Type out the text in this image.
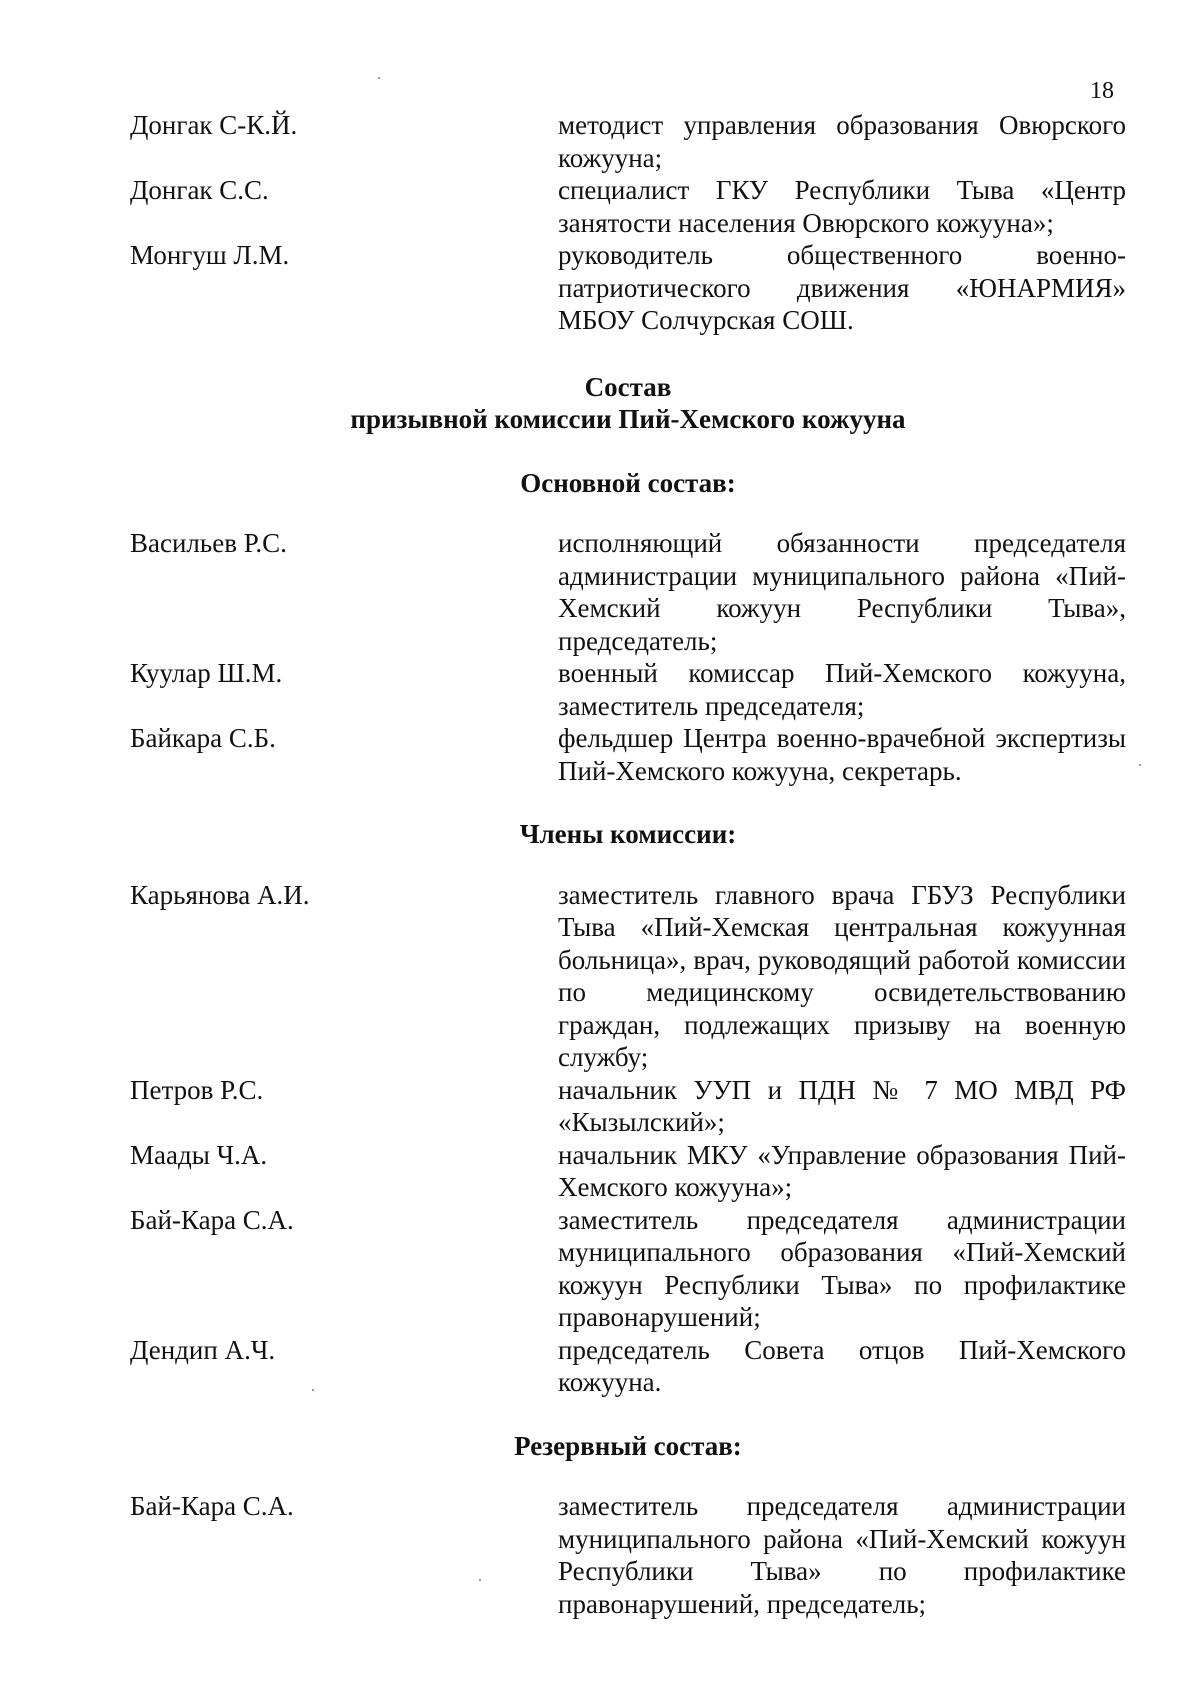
18
Донгак С-К.Й.	методист управления образования Овюрского кожууна;
Донгак С.С.	специалист ГКУ Республики Тыва «Центр занятости населения Овюрского кожууна»;
Монгуш Л.М.	руководитель общественного военно-патриотического движения «ЮНАРМИЯ» МБОУ Солчурская СОШ.
Состав
призывной комиссии Пий-Хемского кожууна
Основной состав:
Васильев Р.С.	исполняющий обязанности председателя администрации муниципального района «Пий-Хемский кожуун Республики Тыва», председатель;
Куулар Ш.М.	военный комиссар Пий-Хемского кожууна, заместитель председателя;
Байкара С.Б.	фельдшер Центра военно-врачебной экспертизы Пий-Хемского кожууна, секретарь.
Члены комиссии:
Карьянова А.И.	заместитель главного врача ГБУЗ Республики Тыва «Пий-Хемская центральная кожуунная больница», врач, руководящий работой комиссии по медицинскому освидетельствованию граждан, подлежащих призыву на военную службу;
Петров Р.С.	начальник УУП и ПДН № 7 МО МВД РФ «Кызылский»;
Маады Ч.А.	начальник МКУ «Управление образования Пий-Хемского кожууна»;
Бай-Кара С.А.	заместитель председателя администрации муниципального образования «Пий-Хемский кожуун Республики Тыва» по профилактике правонарушений;
Дендип А.Ч.	председатель Совета отцов Пий-Хемского кожууна.
Резервный состав:
Бай-Кара С.А.	заместитель председателя администрации муниципального района «Пий-Хемский кожуун Республики Тыва» по профилактике правонарушений, председатель;
